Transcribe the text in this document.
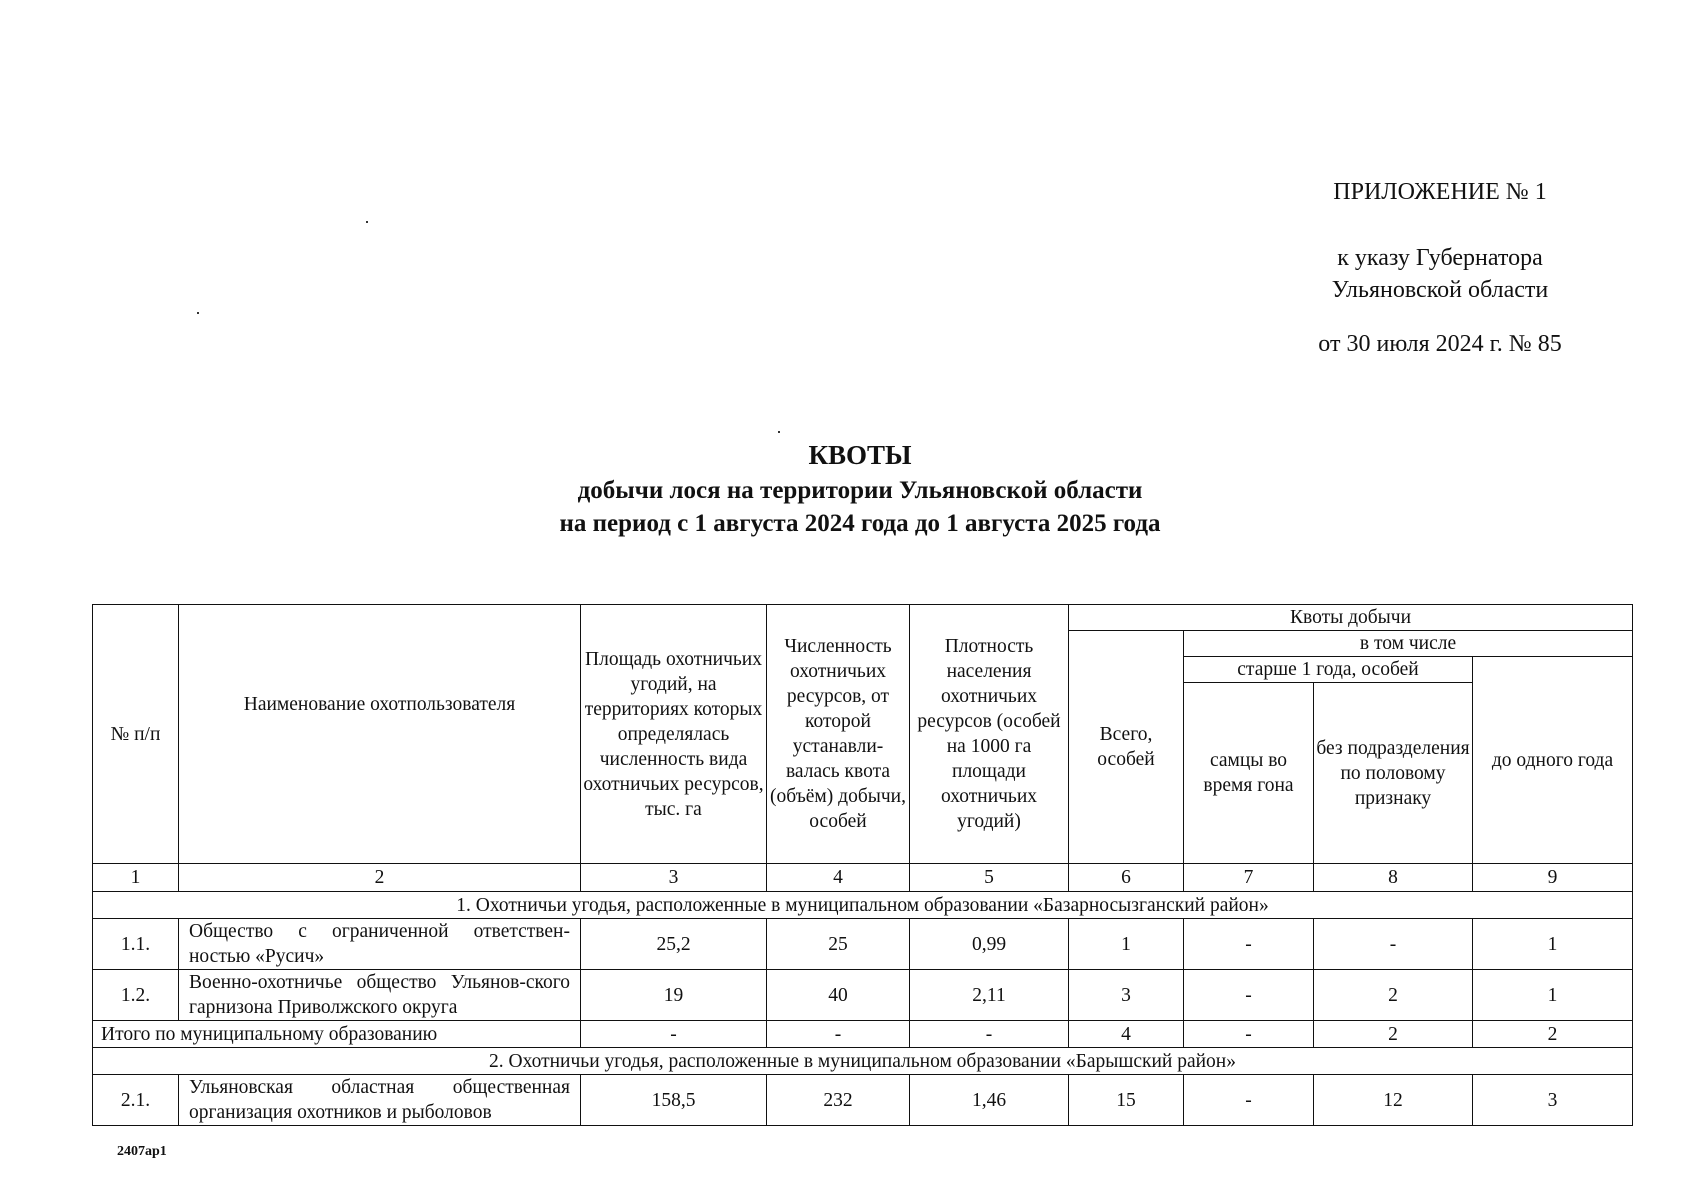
ПРИЛОЖЕНИЕ № 1
к указу Губернатора
Ульяновской области
от 30 июля 2024 г. № 85
КВОТЫ
добычи лося на территории Ульяновской области
на период с 1 августа 2024 года до 1 августа 2025 года
№ п/п	Наименование охотпользователя	Площадь охотничьих угодий, на территориях которых определялась численность вида охотничьих ресурсов, тыс. га	Численность охотничьих ресурсов, от которой устанавли-валась квота (объём) добычи, особей	Плотность населения охотничьих ресурсов (особей на 1000 га площади охотничьих угодий)	Квоты добычи			
					Всего, особей	в том числе		
						старше 1 года, особей		до одного года
						самцы во время гона	без подразделения по половому признаку	
1	2	3	4	5	6	7	8	9
1. Охотничьи угодья, расположенные в муниципальном образовании «Базарносызганский район»								
1.1.	Общество с ограниченной ответствен-ностью «Русич»	25,2	25	0,99	1	-	-	1
1.2.	Военно-охотничье общество Ульянов-ского гарнизона Приволжского округа	19	40	2,11	3	-	2	1
Итого по муниципальному образованию		-	-	-	4	-	2	2
2. Охотничьи угодья, расположенные в муниципальном образовании «Барышский район»								
2.1.	Ульяновская областная общественная организация охотников и рыболовов	158,5	232	1,46	15	-	12	3
2407ap1
